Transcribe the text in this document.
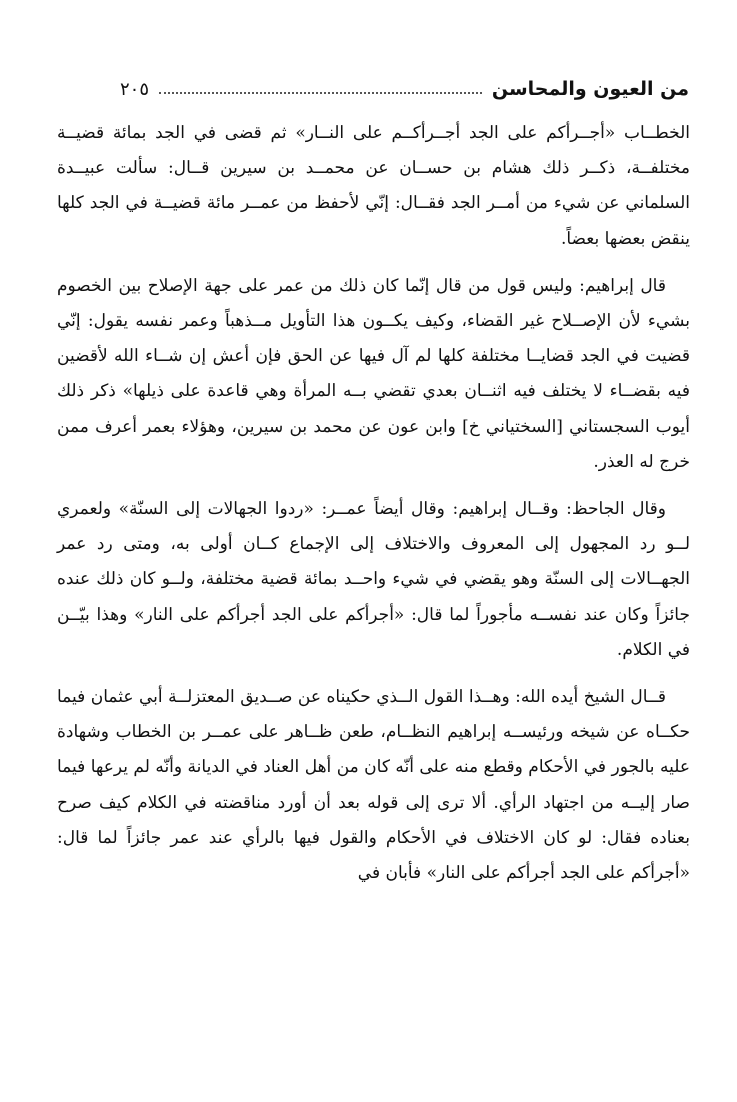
من العيون والمحاسن
٢٠٥

الخطــاب «أجــرأكم على الجد أجــرأكــم على النــار» ثم قضى في الجد بمائة قضيــة مختلفــة، ذكــر ذلك هشام بن حســان عن محمــد بن سيرين قــال: سألت عبيــدة السلماني عن شيء من أمــر الجد فقــال: إنّي لأحفظ من عمــر مائة قضيــة في الجد كلها ينقض بعضها بعضاً.

قال إبراهيم: وليس قول من قال إنّما كان ذلك من عمر على جهة الإصلاح بين الخصوم بشيء لأن الإصــلاح غير القضاء، وكيف يكــون هذا التأويل مــذهباً وعمر نفسه يقول: إنّي قضيت في الجد قضايــا مختلفة كلها لم آل فيها عن الحق فإن أعش إن شــاء الله لأقضين فيه بقضــاء لا يختلف فيه اثنــان بعدي تقضي بــه المرأة وهي قاعدة على ذيلها» ذكر ذلك أيوب السجستاني [السختياني خ] وابن عون عن محمد بن سيرين، وهؤلاء بعمر أعرف ممن خرج له العذر.

وقال الجاحظ: وقــال إبراهيم: وقال أيضاً عمــر: «ردوا الجهالات إلى السنّة» ولعمري لــو رد المجهول إلى المعروف والاختلاف إلى الإجماع كــان أولى به، ومتى رد عمر الجهــالات إلى السنّة وهو يقضي في شيء واحــد بمائة قضية مختلفة، ولــو كان ذلك عنده جائزاً وكان عند نفســه مأجوراً لما قال: «أجرأكم على الجد أجرأكم على النار» وهذا بيّــن في الكلام.

قــال الشيخ أيده الله: وهــذا القول الــذي حكيناه عن صــديق المعتزلــة أبي عثمان فيما حكــاه عن شيخه ورئيســه إبراهيم النظــام، طعن ظــاهر على عمــر بن الخطاب وشهادة عليه بالجور في الأحكام وقطع منه على أنّه كان من أهل العناد في الديانة وأنّه لم يرعها فيما صار إليــه من اجتهاد الرأي. ألا ترى إلى قوله بعد أن أورد مناقضته في الكلام كيف صرح بعناده فقال: لو كان الاختلاف في الأحكام والقول فيها بالرأي عند عمر جائزاً لما قال: «أجرأكم على الجد أجرأكم على النار» فأبان في
